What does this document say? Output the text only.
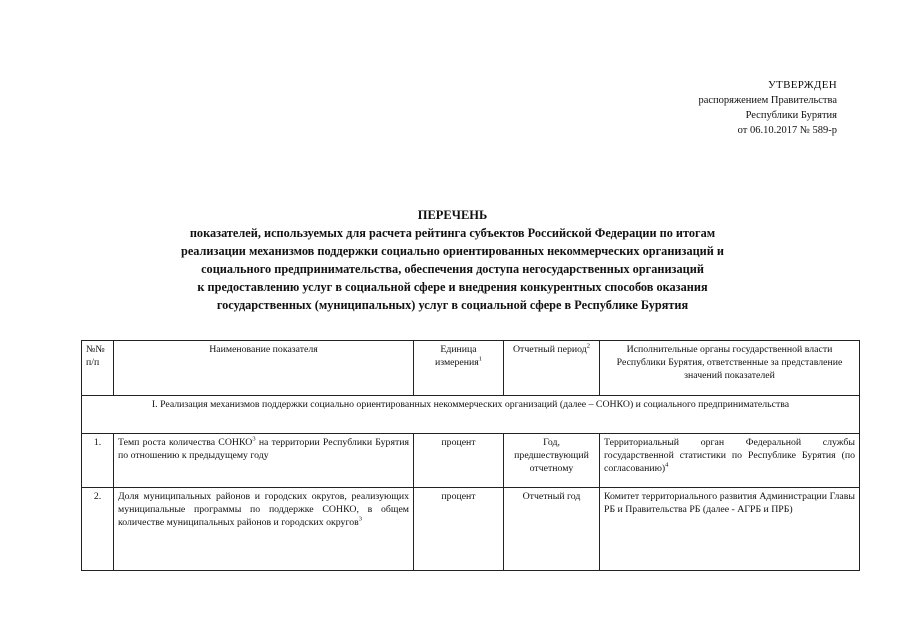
УТВЕРЖДЕН
распоряжением Правительства
Республики Бурятия
от 06.10.2017 № 589-р
ПЕРЕЧЕНЬ
показателей, используемых для расчета рейтинга субъектов Российской Федерации по итогам
реализации механизмов поддержки социально ориентированных некоммерческих организаций и
социального предпринимательства, обеспечения доступа негосударственных организаций
к предоставлению услуг в социальной сфере и внедрения конкурентных способов оказания
государственных (муниципальных) услуг в социальной сфере в Республике Бурятия
№№ п/п	Наименование показателя	Единица измерения$^1$	Отчетный период$^2$	Исполнительные органы государственной власти Республики Бурятия, ответственные за представление значений показателей
I. Реализация механизмов поддержки социально ориентированных некоммерческих организаций (далее – СОНКО) и социального предпринимательства				
1.	Темп роста количества СОНКО$^3$ на территории Республики Бурятия по отношению к предыдущему году	процент	Год, предшествующий отчетному	Территориальный орган Федеральной службы государственной статистики по Республике Бурятия (по согласованию)$^4$
2.	Доля муниципальных районов и городских округов, реализующих муниципальные программы по поддержке СОНКО, в общем количестве муниципальных районов и городских округов$^3$	процент	Отчетный год	Комитет территориального развития Администрации Главы РБ и Правительства РБ (далее - АГРБ и ПРБ)
